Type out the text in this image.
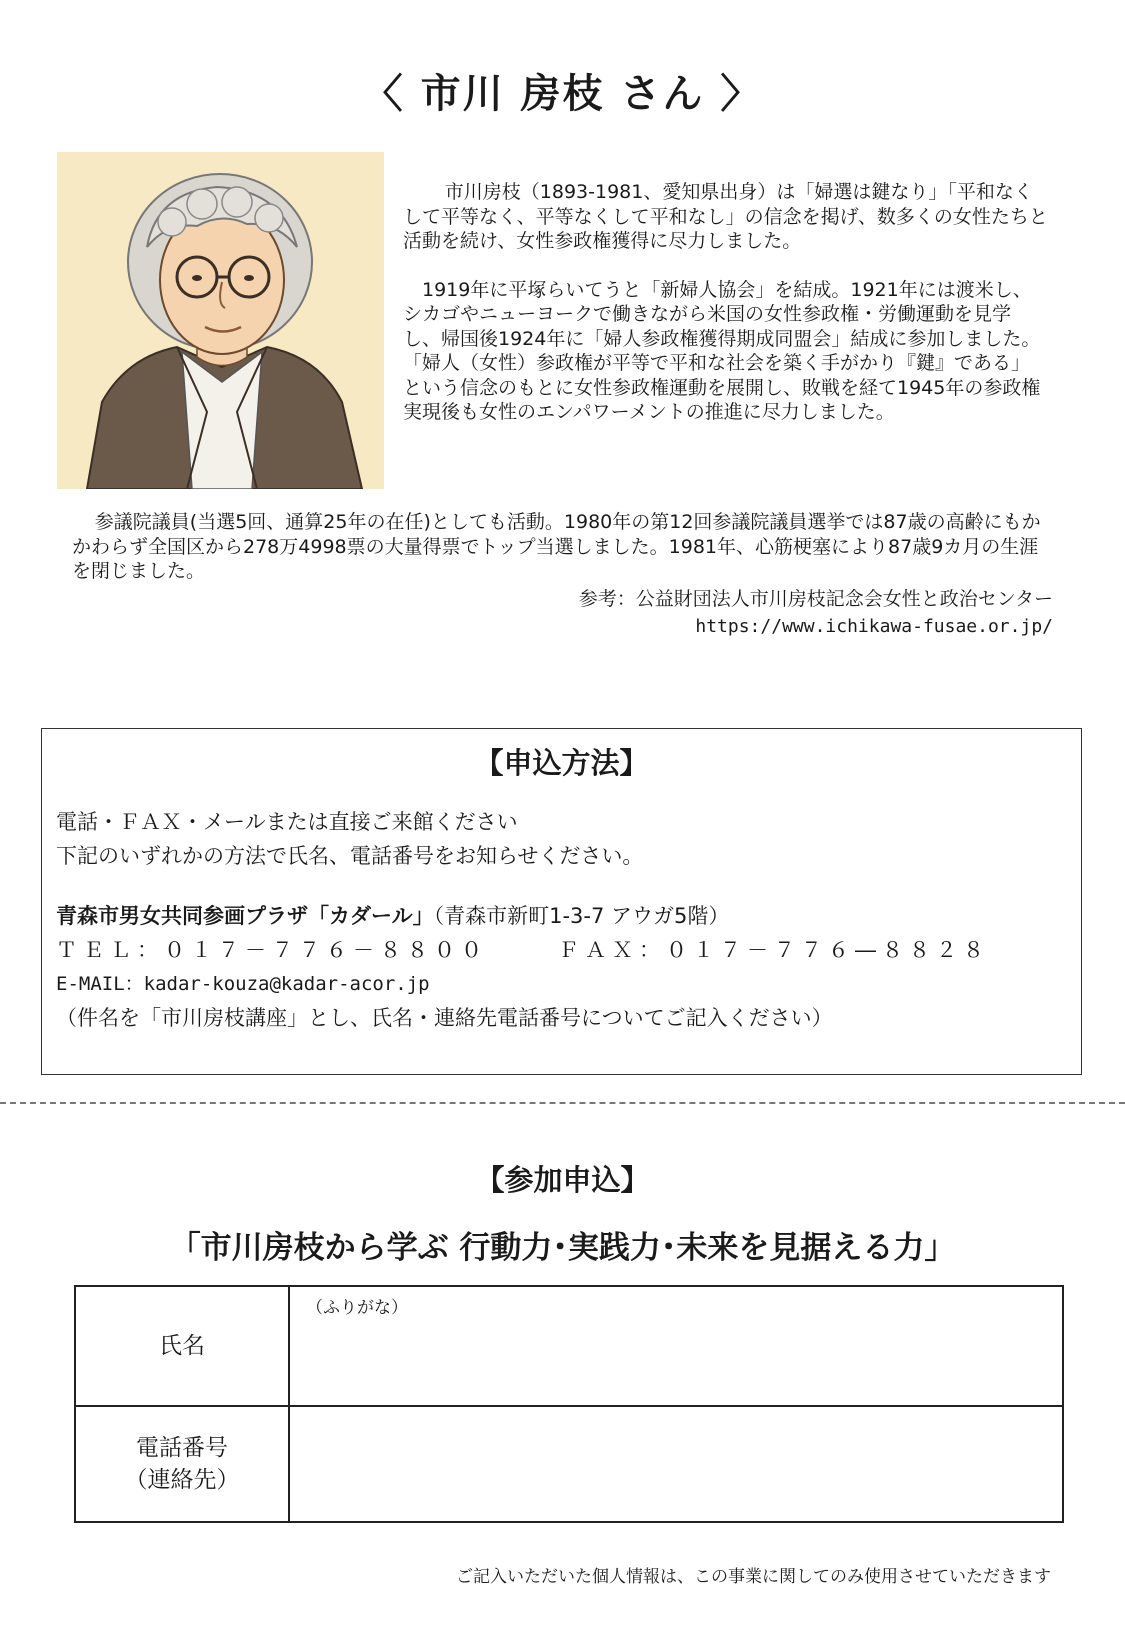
〈 市川 房枝 さん 〉

市川房枝（1893-1981、愛知県出身）は「婦選は鍵なり」「平和なくして平等なく、平等なくして平和なし」の信念を掲げ、数多くの女性たちと活動を続け、女性参政権獲得に尽力しました。

1919年に平塚らいてうと「新婦人協会」を結成。1921年には渡米し、シカゴやニューヨークで働きながら米国の女性参政権・労働運動を見学し、帰国後1924年に「婦人参政権獲得期成同盟会」結成に参加しました。

「婦人（女性）参政権が平等で平和な社会を築く手がかり『鍵』である」という信念のもとに女性参政権運動を展開し、敗戦を経て1945年の参政権実現後も女性のエンパワーメントの推進に尽力しました。

参議院議員(当選5回、通算25年の在任)としても活動。1980年の第12回参議院議員選挙では87歳の高齢にもかかわらず全国区から278万4998票の大量得票でトップ当選しました。1981年、心筋梗塞により87歳9カ月の生涯を閉じました。

参考：公益財団法人市川房枝記念会女性と政治センター
https://www.ichikawa-fusae.or.jp/
【申込方法】
電話・ＦＡＸ・メールまたは直接ご来館ください
下記のいずれかの方法で氏名、電話番号をお知らせください。
青森市男女共同参画プラザ「カダール」（青森市新町1-3-7 アウガ5階）
ＴＥＬ：０１７－７７６－８８００	ＦＡＸ：０１７－７７６―８８２８
E-MAIL：kadar-kouza@kadar-acor.jp
（件名を「市川房枝講座」とし、氏名・連絡先電話番号についてご記入ください）
【参加申込】
「市川房枝から学ぶ 行動力･実践力･未来を見据える力」
氏名	（ふりがな）

電話番号
（連絡先）	

ご記入いただいた個人情報は、この事業に関してのみ使用させていただきます
